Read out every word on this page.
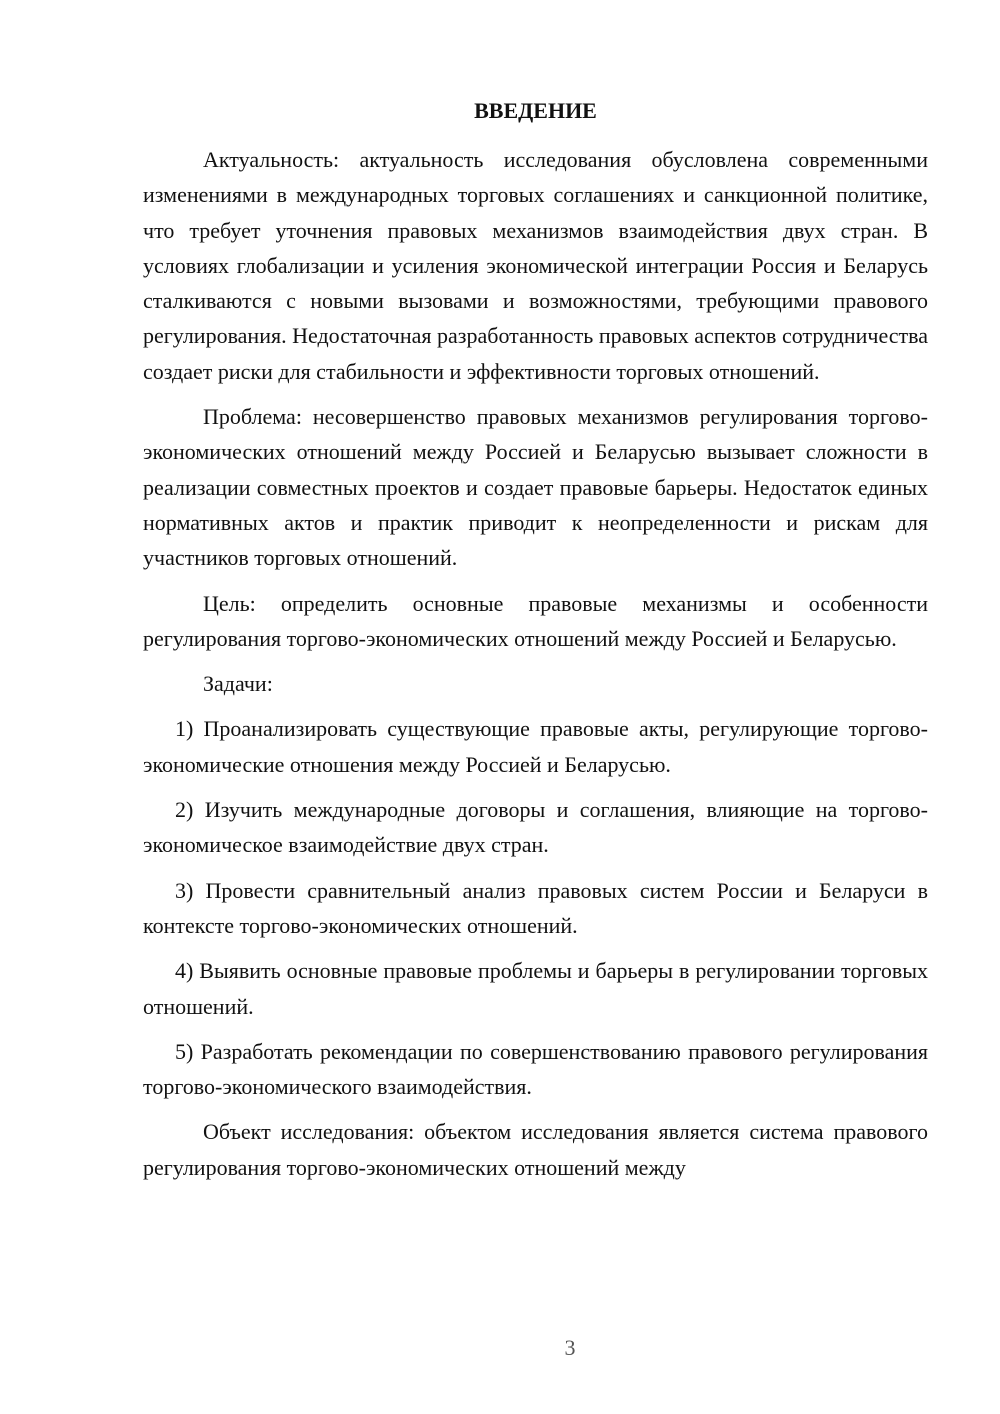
ВВЕДЕНИЕ

Актуальность: актуальность исследования обусловлена современными изменениями в международных торговых соглашениях и санкционной политике, что требует уточнения правовых механизмов взаимодействия двух стран. В условиях глобализации и усиления экономической интеграции Россия и Беларусь сталкиваются с новыми вызовами и возможностями, требующими правового регулирования. Недостаточная разработанность правовых аспектов сотрудничества создает риски для стабильности и эффективности торговых отношений.

Проблема: несовершенство правовых механизмов регулирования торгово-экономических отношений между Россией и Беларусью вызывает сложности в реализации совместных проектов и создает правовые барьеры. Недостаток единых нормативных актов и практик приводит к неопределенности и рискам для участников торговых отношений.

Цель: определить основные правовые механизмы и особенности регулирования торгово-экономических отношений между Россией и Беларусью.

Задачи:

1) Проанализировать существующие правовые акты, регулирующие торгово-экономические отношения между Россией и Беларусью.

2) Изучить международные договоры и соглашения, влияющие на торгово-экономическое взаимодействие двух стран.

3) Провести сравнительный анализ правовых систем России и Беларуси в контексте торгово-экономических отношений.

4) Выявить основные правовые проблемы и барьеры в регулировании торговых отношений.

5) Разработать рекомендации по совершенствованию правового регулирования торгово-экономического взаимодействия.

Объект исследования: объектом исследования является система правового регулирования торгово-экономических отношений между

3
